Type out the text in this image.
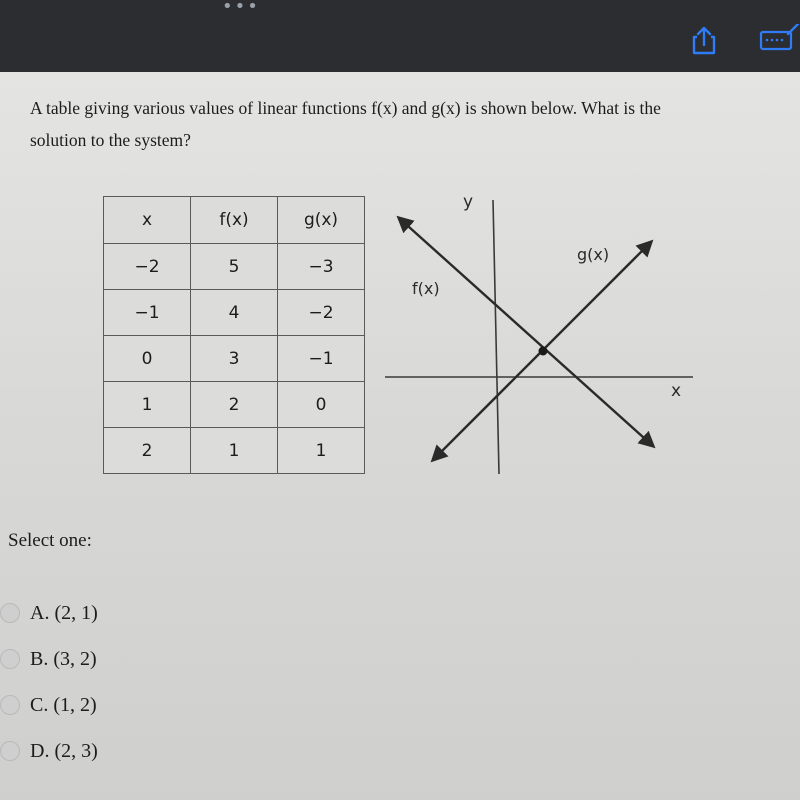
•••

A table giving various values of linear functions f(x) and g(x) is shown below. What is the
solution to the system?

x	f(x)	g(x)
−2	5	−3
−1	4	−2
0	3	−1
1	2	0
2	1	1
y
x
f(x)
g(x)

Select one:

A. (2, 1)
B. (3, 2)
C. (1, 2)
D. (2, 3)
